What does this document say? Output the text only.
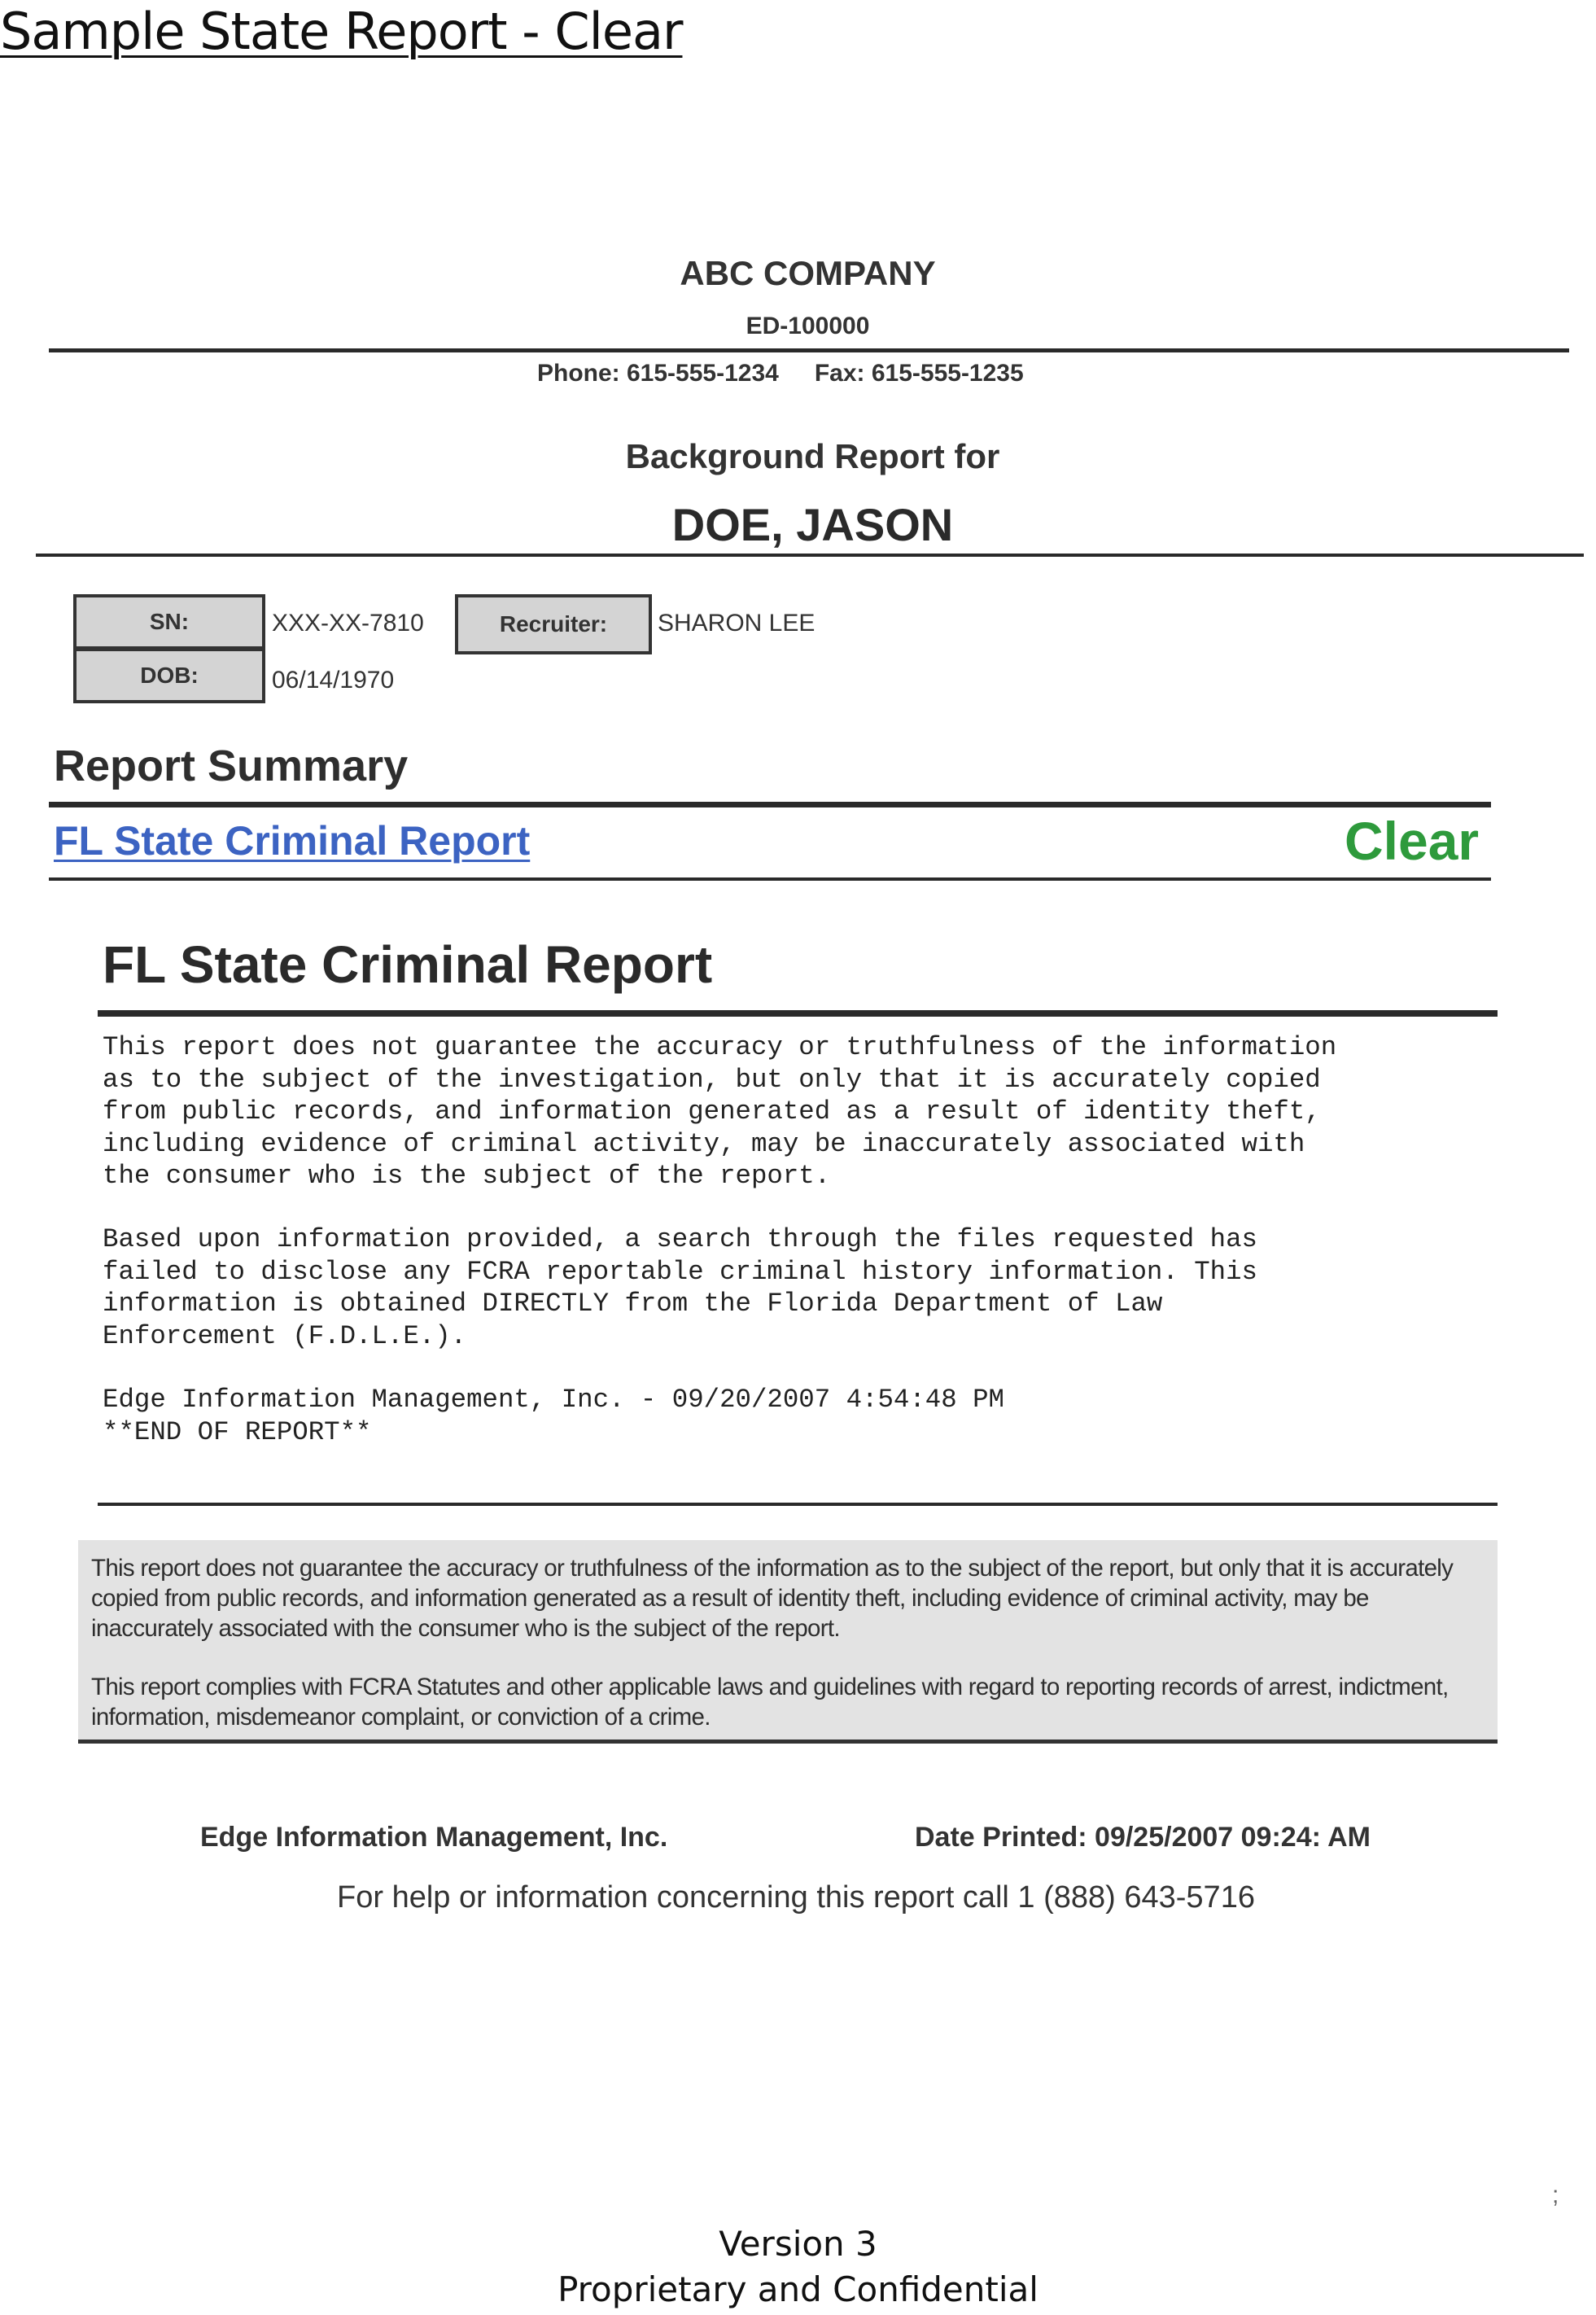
Sample State Report - Clear
ABC COMPANY
ED-100000
Phone: 615-555-1234 Fax: 615-555-1235
Background Report for
DOE, JASON
SN:
DOB:
XXX-XX-7810
06/14/1970
Recruiter: SHARON LEE
Report Summary
FL State Criminal Report	Clear
FL State Criminal Report
This report does not guarantee the accuracy or truthfulness of the information
as to the subject of the investigation, but only that it is accurately copied
from public records, and information generated as a result of identity theft,
including evidence of criminal activity, may be inaccurately associated with
the consumer who is the subject of the report.
Based upon information provided, a search through the files requested has
failed to disclose any FCRA reportable criminal history information. This
information is obtained DIRECTLY from the Florida Department of Law
Enforcement (F.D.L.E.).
Edge Information Management, Inc. - 09/20/2007 4:54:48 PM
**END OF REPORT**

This report does not guarantee the accuracy or truthfulness of the information as to the subject of the report, but only that it is accurately copied from public records, and information generated as a result of identity theft, including evidence of criminal activity, may be inaccurately associated with the consumer who is the subject of the report.

This report complies with FCRA Statutes and other applicable laws and guidelines with regard to reporting records of arrest, indictment, information, misdemeanor complaint, or conviction of a crime.

Edge Information Management, Inc.	Date Printed: 09/25/2007 09:24: AM
For help or information concerning this report call 1 (888) 643-5716
;
Version 3
Proprietary and Confidential
